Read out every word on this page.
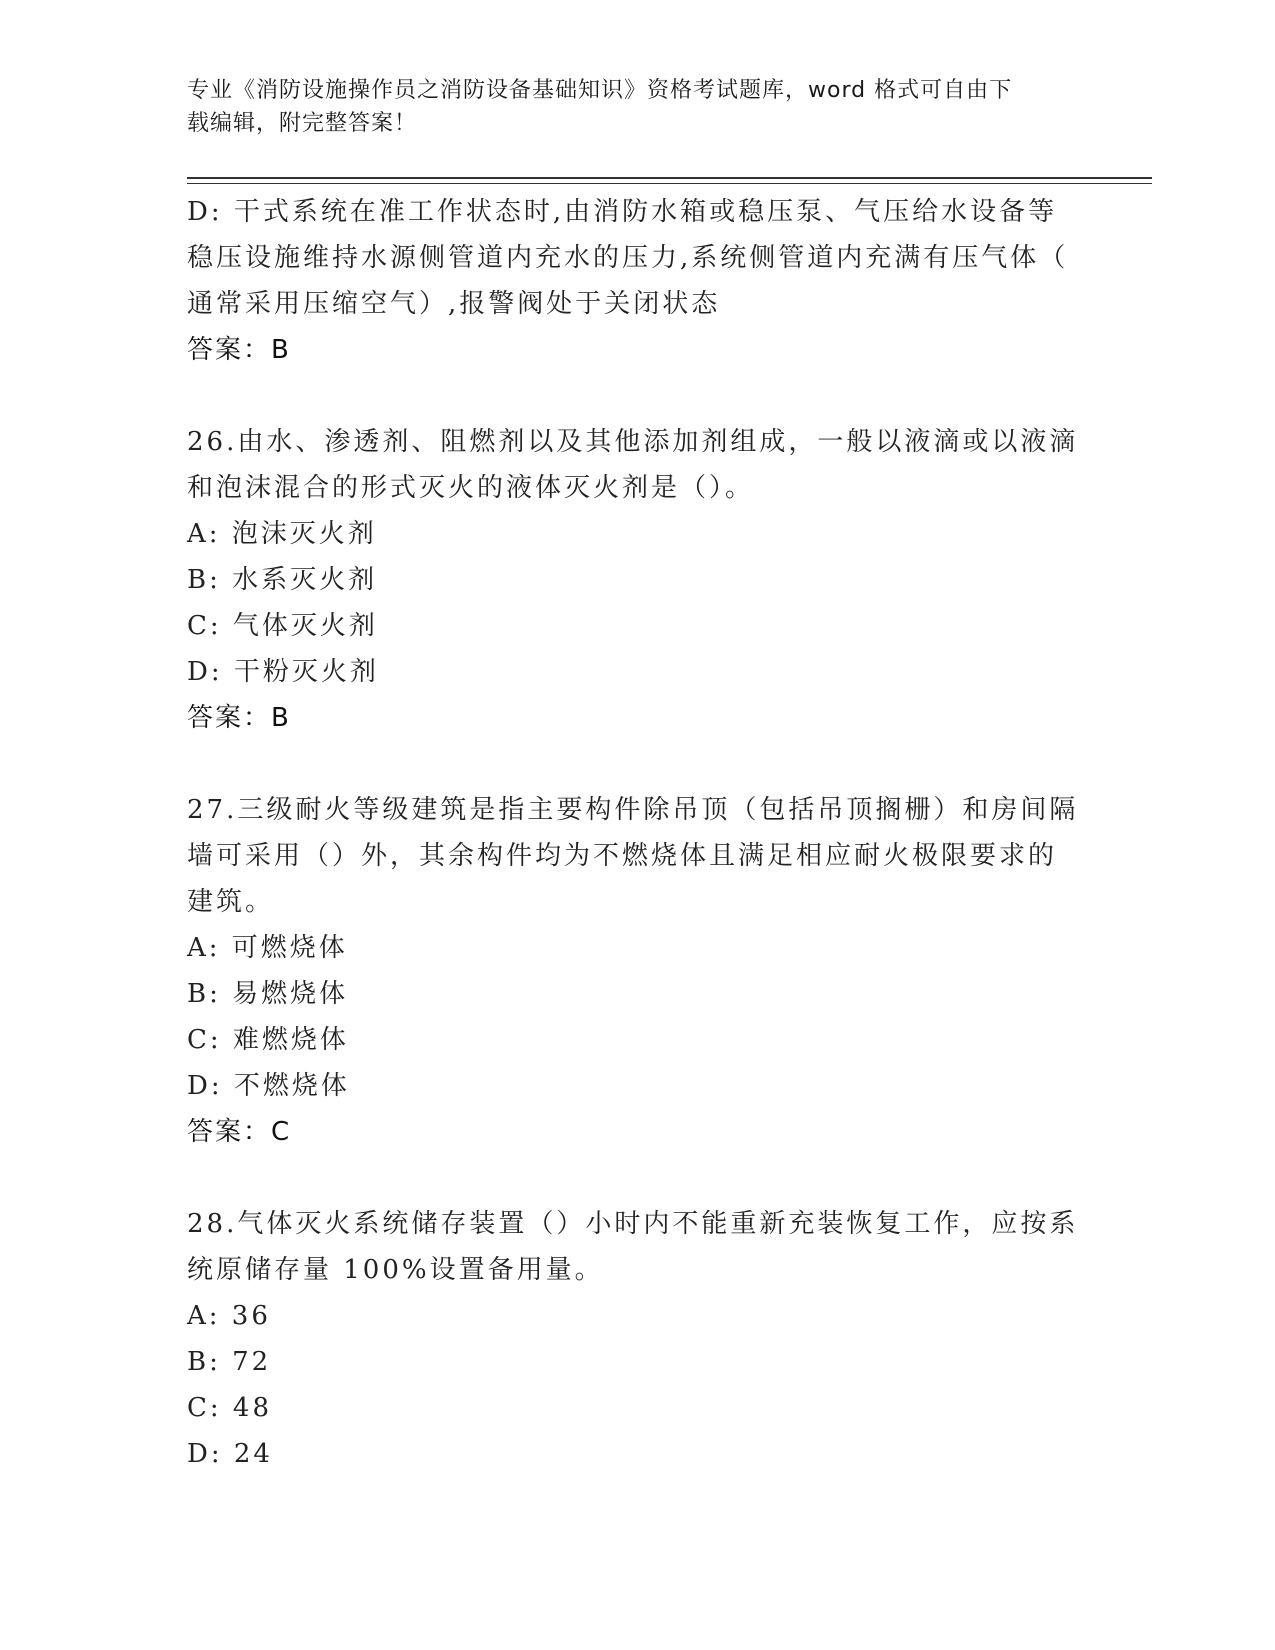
专业《消防设施操作员之消防设备基础知识》资格考试题库，word 格式可自由下
载编辑，附完整答案！
D: 干式系统在准工作状态时,由消防水箱或稳压泵、气压给水设备等
稳压设施维持水源侧管道内充水的压力,系统侧管道内充满有压气体（
通常采用压缩空气）,报警阀处于关闭状态
答案：B
26.由水、渗透剂、阻燃剂以及其他添加剂组成，一般以液滴或以液滴
和泡沫混合的形式灭火的液体灭火剂是（）。
A: 泡沫灭火剂
B: 水系灭火剂
C: 气体灭火剂
D: 干粉灭火剂
答案：B
27.三级耐火等级建筑是指主要构件除吊顶（包括吊顶搁栅）和房间隔
墙可采用（）外，其余构件均为不燃烧体且满足相应耐火极限要求的
建筑。
A: 可燃烧体
B: 易燃烧体
C: 难燃烧体
D: 不燃烧体
答案：C
28.气体灭火系统储存装置（）小时内不能重新充装恢复工作，应按系
统原储存量 100%设置备用量。
A: 36
B: 72
C: 48
D: 24
